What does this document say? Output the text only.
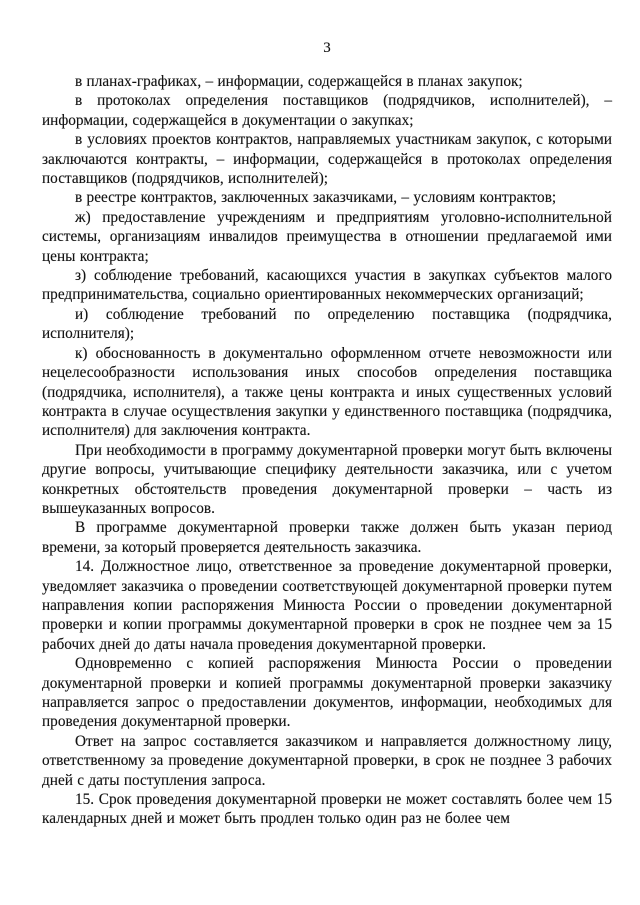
3

в планах-графиках, – информации, содержащейся в планах закупок;

в протоколах определения поставщиков (подрядчиков, исполнителей), – информации, содержащейся в документации о закупках;

в условиях проектов контрактов, направляемых участникам закупок, с которыми заключаются контракты, – информации, содержащейся в протоколах определения поставщиков (подрядчиков, исполнителей);

в реестре контрактов, заключенных заказчиками, – условиям контрактов;

ж) предоставление учреждениям и предприятиям уголовно-исполнительной системы, организациям инвалидов преимущества в отношении предлагаемой ими цены контракта;

з) соблюдение требований, касающихся участия в закупках субъектов малого предпринимательства, социально ориентированных некоммерческих организаций;

и) соблюдение требований по определению поставщика (подрядчика, исполнителя);

к) обоснованность в документально оформленном отчете невозможности или нецелесообразности использования иных способов определения поставщика (подрядчика, исполнителя), а также цены контракта и иных существенных условий контракта в случае осуществления закупки у единственного поставщика (подрядчика, исполнителя) для заключения контракта.

При необходимости в программу документарной проверки могут быть включены другие вопросы, учитывающие специфику деятельности заказчика, или с учетом конкретных обстоятельств проведения документарной проверки – часть из вышеуказанных вопросов.

В программе документарной проверки также должен быть указан период времени, за который проверяется деятельность заказчика.

14. Должностное лицо, ответственное за проведение документарной проверки, уведомляет заказчика о проведении соответствующей документарной проверки путем направления копии распоряжения Минюста России о проведении документарной проверки и копии программы документарной проверки в срок не позднее чем за 15 рабочих дней до даты начала проведения документарной проверки.

Одновременно с копией распоряжения Минюста России о проведении документарной проверки и копией программы документарной проверки заказчику направляется запрос о предоставлении документов, информации, необходимых для проведения документарной проверки.

Ответ на запрос составляется заказчиком и направляется должностному лицу, ответственному за проведение документарной проверки, в срок не позднее 3 рабочих дней с даты поступления запроса.

15. Срок проведения документарной проверки не может составлять более чем 15 календарных дней и может быть продлен только один раз не более чем
